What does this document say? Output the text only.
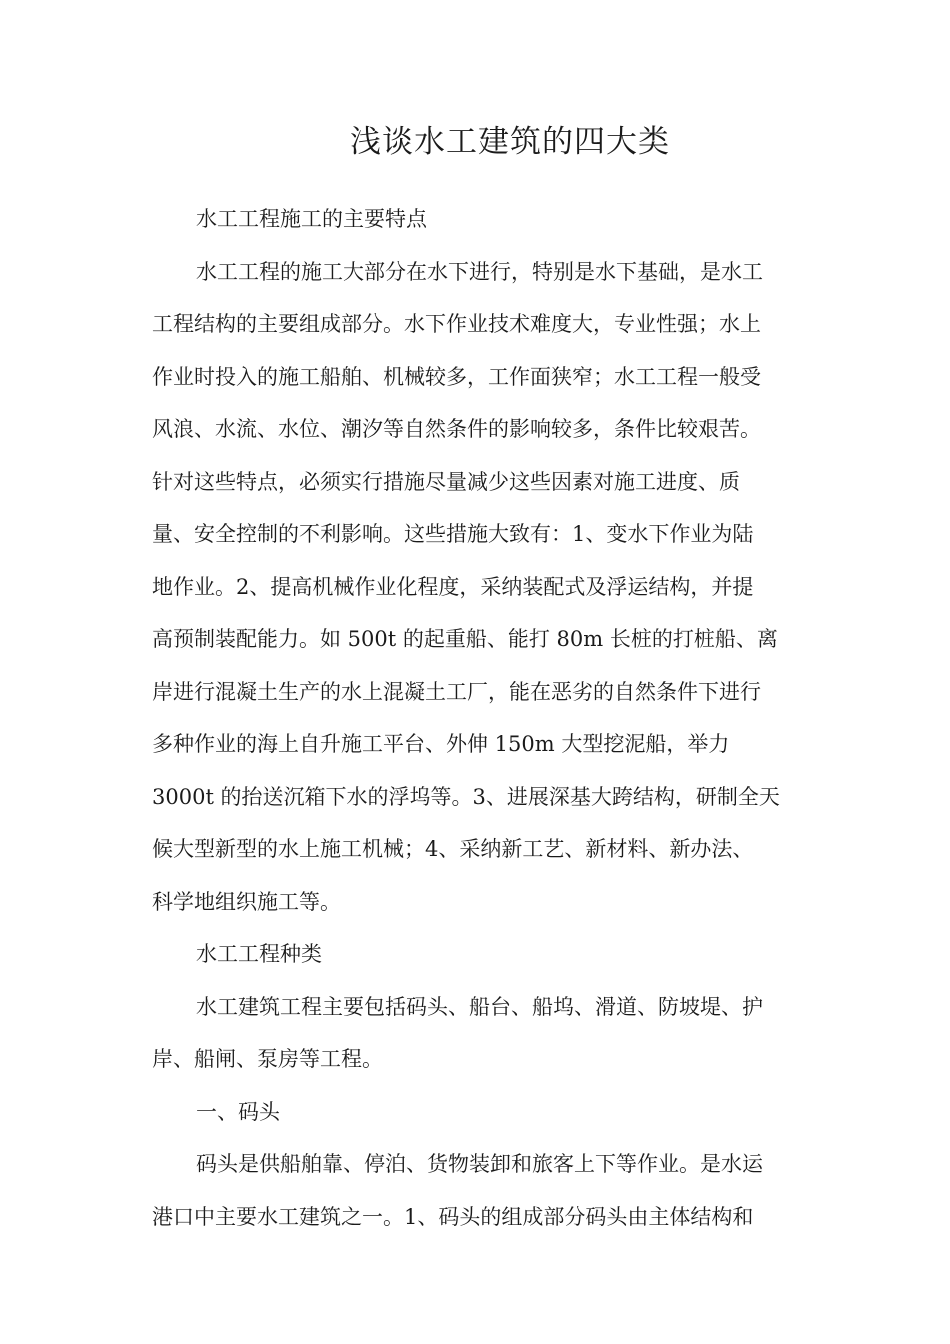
浅谈水工建筑的四大类
水工工程施工的主要特点
水工工程的施工大部分在水下进行，特别是水下基础，是水工
工程结构的主要组成部分。水下作业技术难度大，专业性强；水上
作业时投入的施工船舶、机械较多，工作面狭窄；水工工程一般受
风浪、水流、水位、潮汐等自然条件的影响较多，条件比较艰苦。
针对这些特点，必须实行措施尽量减少这些因素对施工进度、质
量、安全控制的不利影响。这些措施大致有：1、变水下作业为陆
地作业。2、提高机械作业化程度，采纳装配式及浮运结构，并提
高预制装配能力。如 500t 的起重船、能打 80m 长桩的打桩船、离
岸进行混凝土生产的水上混凝土工厂，能在恶劣的自然条件下进行
多种作业的海上自升施工平台、外伸 150m 大型挖泥船，举力
3000t 的抬送沉箱下水的浮坞等。3、进展深基大跨结构，研制全天
候大型新型的水上施工机械；4、采纳新工艺、新材料、新办法、
科学地组织施工等。
水工工程种类
水工建筑工程主要包括码头、船台、船坞、滑道、防坡堤、护
岸、船闸、泵房等工程。
一、码头
码头是供船舶靠、停泊、货物装卸和旅客上下等作业。是水运
港口中主要水工建筑之一。1、码头的组成部分码头由主体结构和
